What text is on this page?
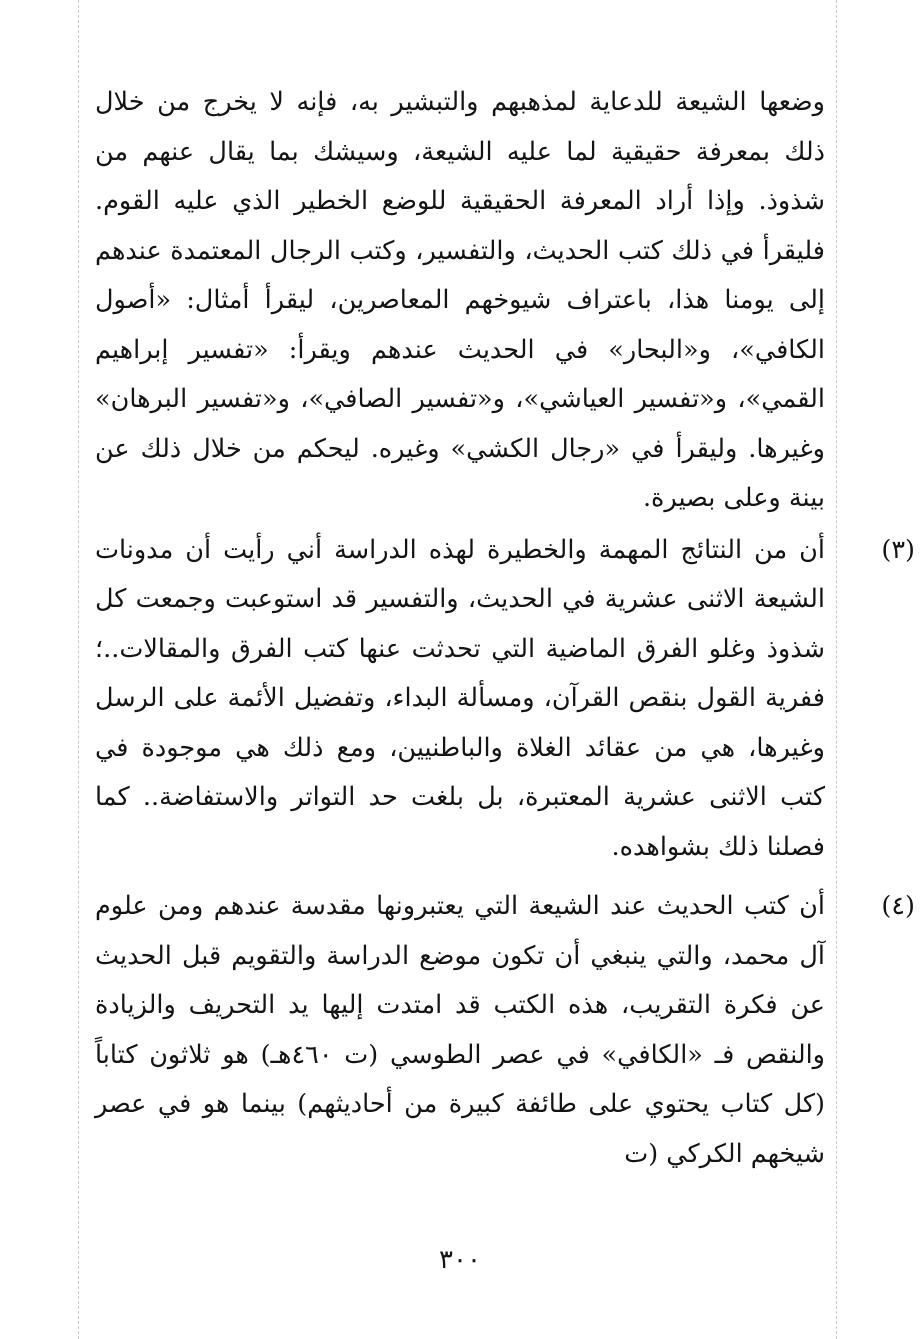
وضعها الشيعة للدعاية لمذهبهم والتبشير به، فإنه لا يخرج من خلال ذلك بمعرفة حقيقية لما عليه الشيعة، وسيشك بما يقال عنهم من شذوذ. وإذا أراد المعرفة الحقيقية للوضع الخطير الذي عليه القوم. فليقرأ في ذلك كتب الحديث، والتفسير، وكتب الرجال المعتمدة عندهم إلى يومنا هذا، باعتراف شيوخهم المعاصرين، ليقرأ أمثال: «أصول الكافي»، و«البحار» في الحديث عندهم ويقرأ: «تفسير إبراهيم القمي»، و«تفسير العياشي»، و«تفسير الصافي»، و«تفسير البرهان» وغيرها. وليقرأ في «رجال الكشي» وغيره. ليحكم من خلال ذلك عن بينة وعلى بصيرة.

(٣)

أن من النتائج المهمة والخطيرة لهذه الدراسة أني رأيت أن مدونات الشيعة الاثنى عشرية في الحديث، والتفسير قد استوعبت وجمعت كل شذوذ وغلو الفرق الماضية التي تحدثت عنها كتب الفرق والمقالات..؛ ففرية القول بنقص القرآن، ومسألة البداء، وتفضيل الأئمة على الرسل وغيرها، هي من عقائد الغلاة والباطنيين، ومع ذلك هي موجودة في كتب الاثنى عشرية المعتبرة، بل بلغت حد التواتر والاستفاضة.. كما فصلنا ذلك بشواهده.

(٤)

أن كتب الحديث عند الشيعة التي يعتبرونها مقدسة عندهم ومن علوم آل محمد، والتي ينبغي أن تكون موضع الدراسة والتقويم قبل الحديث عن فكرة التقريب، هذه الكتب قد امتدت إليها يد التحريف والزيادة والنقص فـ «الكافي» في عصر الطوسي (ت ٤٦٠هـ) هو ثلاثون كتاباً (كل كتاب يحتوي على طائفة كبيرة من أحاديثهم) بينما هو في عصر شيخهم الكركي (ت

٣٠٠
